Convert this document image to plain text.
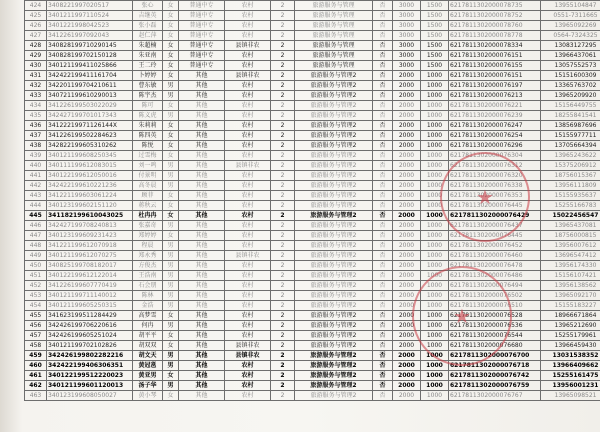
424	3408221997020517	张心	女	普通中专	农村	2	旅游服务与管理	否	3000	1500	6217811302000078735	13955104847
425	3401211997110524	吉继英	女	普通中专	农村	2	旅游服务与管理	否	3000	1500	6217811302000078752	0551-7311665
426	3401221998042523	张小磊	女	普通中专	农村	2	旅游服务与管理	否	3000	1500	6217811302000078760	13965092269
427	3412261997092043	赵仁萍	女	普通中专	农村	2	旅游服务与管理	否	3000	1500	6217811302000078778	0564-7324325
428	340828199710290145	朱超楠	女	普通中专	县镇非农	2	旅游服务与管理	否	3000	1500	6217811302000078334	13083127295
429	340828199702150128	朱亚南	女	普通中专	农村	2	旅游服务与管理	否	3000	1500	6217811302000076151	13966437061
430	340121199411025866	王二玲	女	普通中专	农村	2	旅游服务与管理	否	3000	1500	6217811302000076155	13057552573
431	342422199411161704	卜婷婷	女	其他	县镇非农	2	旅游服务与管理2	否	2000	1000	6217811302000076151	15151600309
432	342201199704210611	曹东敏	男	其他	农村	2	旅游服务与管理2	否	2000	1000	6217811302000076197	13365763702
433	340721199610290013	陈宇杰	男	其他	农村	2	旅游服务与管理2	否	2000	1000	6217811302000076213	13965209920
434	341226199503022029	陈可	女	其他	农村	2	旅游服务与管理2	否	2000	1000	6217811302000076221	15156449755
435	342427199701017343	陈义虎	男	其他	农村	2	旅游服务与管理2	否	2000	1000	6217811302000076239	18255841541
436	34122219971126144X	朱莉莉	女	其他	农村	2	旅游服务与管理2	否	2000	1000	6217811302000076247	13856987696
437	341226199502284623	陈四英	女	其他	农村	2	旅游服务与管理2	否	2000	1000	6217811302000076254	15155977711
438	342822199605310262	陈悦	女	其他	农村	2	旅游服务与管理2	否	2000	1000	6217811302000076296	13705664394
439	340121199608250345	过雪梅	女	其他	农村	2	旅游服务与管理2	否	2000	1000	6217811302000076304	13965243622
440	340111199612083015	刘一鸣	男	其他	县镇非农	2	旅游服务与管理2	否	2000	1000	6217811302000076312	15375206912
441	340122199612050016	付景明	男	其他	农村	2	旅游服务与管理2	否	2000	1000	6217811302000076320	18756015367
442	342422199610221236	高冬晨	男	其他	农村	2	旅游服务与管理2	否	2000	1000	6217811302000076338	13956111809
443	341221199603061224	顾菲	女	其他	农村	2	旅游服务与管理2	否	2000	1000	6217811302000076353	15155935637
444	340123199602151120	蒋秋云	女	其他	农村	2	旅游服务与管理2	否	2000	1000	6217811302000076445	15255166783
445	341182199610043025	杜冉冉	女	其他	农村	2	旅游服务与管理2	否	2000	1000	6217811302000076429	15022456547
446	342427199708240813	张嘉奇	男	其他	农村	2	旅游服务与管理2	否	2000	1000	6217811302000076437	13965437081
447	340123199609231423	郑婷婷	女	其他	农村	2	旅游服务与管理2	否	2000	1000	6217811302000076445	18756000815
448	341221199612070918	程晨	男	其他	农村	2	旅游服务与管理2	否	2000	1000	6217811302000076452	13956007612
449	340121199612070275	郑永秀	男	其他	县镇非农	2	旅游服务与管理2	否	2000	1000	6217811302000076460	13696547412
450	340825199708182017	方俊杰	男	其他	农村	2	旅游服务与管理2	否	2000	1000	6217811302000076478	13956174330
451	340122199612122014	王浩南	男	其他	农村	2	旅游服务与管理2	否	2000	1000	6217811302000076486	15156107421
452	341226199607770419	石会朋	男	其他	农村	2	旅游服务与管理2	否	2000	1000	6217811302000076494	13956138562
453	340121199711140012	陈林	男	其他	农村	2	旅游服务与管理2	否	2000	1000	6217811302000076502	13965092170
454	340121199605250315	金浩	男	其他	农村	2	旅游服务与管理2	否	2000	1000	6217811302000076510	15155183227
455	341623199511284429	高梦雪	女	其他	农村	2	旅游服务与管理2	否	2000	1000	6217811302000076528	18966671864
456	342426199706220616	何冉	男	其他	农村	2	旅游服务与管理2	否	2000	1000	6217811302000076536	13965212690
457	342426199605251024	胡平平	女	其他	农村	2	旅游服务与管理2	否	2000	1000	6217811302000076544	15255179961
458	340121199702102826	胡双双	女	其他	县镇非农	2	旅游服务与管理2	否	2000	1000	6217811302000076680	13966459430
459	342426199802282216	胡文天	男	其他	县镇非农	2	旅游服务与管理2	否	2000	1000	6217811302000076700	13031538352
460	342422199406306351	黄冠邕	男	其他	农村	2	旅游服务与管理2	否	2000	1000	6217811302000076718	13966409662
461	340122199512220023	黄亚男	女	其他	农村	2	旅游服务与管理2	否	2000	1000	6217811302000076742	15255161475
462	340121199601120013	汤子华	男	其他	农村	2	旅游服务与管理2	否	2000	1000	6217811302000076759	13956001231
463	340123199608050027	黄小琴	女	其他	农村	2	旅游服务与管理2	否	2000	1000	6217811302000076767	13965098521
★
★
